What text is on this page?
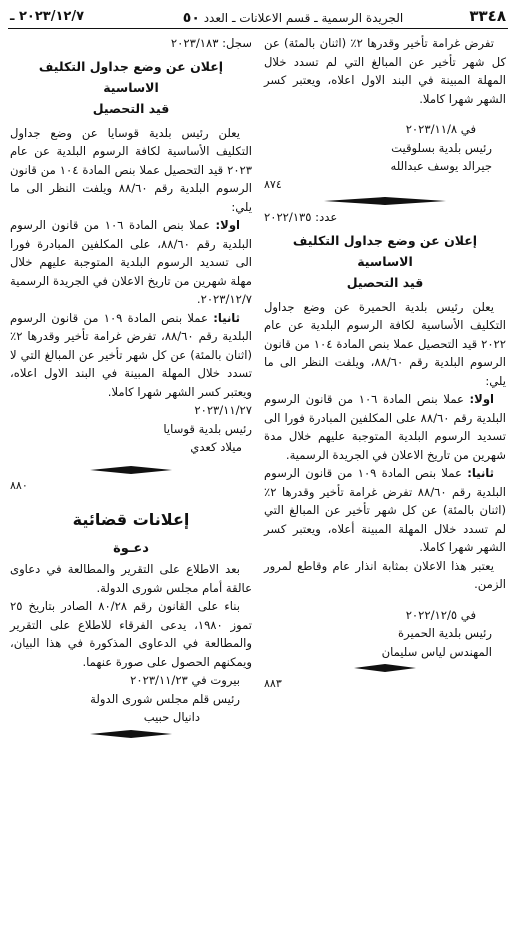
٢٠٢٣/١٢/٧ ـ	الجريدة الرسمية ـ قسم الاعلانات ـ العدد ٥٠	٣٣٤٨

تفرض غرامة تأخير وقدرها ٢٪ (اثنان بالمئة) عن كل شهر تأخير عن المبالغ التي لم تسدد خلال المهلة المبينة في البند الاول اعلاه، ويعتبر كسر الشهر شهرا كاملا.

في ٢٠٢٣/١١/٨

رئيس بلدية بسلوقيت

جيرالد يوسف عبدالله

٨٧٤

عدد: ٢٠٢٢/١٣٥

إعلان عن وضع جداول التكليف الاساسية
قيد التحصيل

يعلن رئيس بلدية الحميرة عن وضع جداول التكليف الأساسية لكافة الرسوم البلدية عن عام ٢٠٢٢ قيد التحصيل عملا بنص المادة ١٠٤ من قانون الرسوم البلدية رقم ٨٨/٦٠، ويلفت النظر الى ما يلي:

اولا: عملا بنص المادة ١٠٦ من قانون الرسوم البلدية رقم ٨٨/٦٠ على المكلفين المبادرة فورا الى تسديد الرسوم البلدية المتوجبة عليهم خلال مدة شهرين من تاريخ الاعلان في الجريدة الرسمية.

ثانيا: عملا بنص المادة ١٠٩ من قانون الرسوم البلدية رقم ٨٨/٦٠ تفرض غرامة تأخير وقدرها ٢٪ (اثنان بالمئة) عن كل شهر تأخير عن المبالغ التي لم تسدد خلال المهلة المبينة أعلاه، ويعتبر كسر الشهر شهرا كاملا.

يعتبر هذا الاعلان بمثابة انذار عام وقاطع لمرور الزمن.

في ٢٠٢٢/١٢/٥

رئيس بلدية الحميرة

المهندس لياس سليمان

٨٨٣

سجل: ٢٠٢٣/١٨٣

إعلان عن وضع جداول التكليف الاساسية
قيد التحصيل

يعلن رئيس بلدية قوسايا عن وضع جداول التكليف الأساسية لكافة الرسوم البلدية عن عام ٢٠٢٣ قيد التحصيل عملا بنص المادة ١٠٤ من قانون الرسوم البلدية رقم ٨٨/٦٠ ويلفت النظر الى ما يلي:

اولا: عملا بنص المادة ١٠٦ من قانون الرسوم البلدية رقم ٨٨/٦٠، على المكلفين المبادرة فورا الى تسديد الرسوم البلدية المتوجبة عليهم خلال مهلة شهرين من تاريخ الاعلان في الجريدة الرسمية ٢٠٢٣/١٢/٧.

ثانيا: عملا بنص المادة ١٠٩ من قانون الرسوم البلدية رقم ٨٨/٦٠، تفرض غرامة تأخير وقدرها ٢٪ (اثنان بالمئة) عن كل شهر تأخير عن المبالغ التي لا تسدد خلال المهلة المبينة في البند الاول اعلاه، ويعتبر كسر الشهر شهرا كاملا.

٢٠٢٣/١١/٢٧

رئيس بلدية قوسايا

ميلاد كعدي

٨٨٠

إعلانات قضائية
دعـوة

بعد الاطلاع على التقرير والمطالعة في دعاوى عالقة أمام مجلس شورى الدولة.

بناء على القانون رقم ٨٠/٢٨ الصادر بتاريخ ٢٥ تموز ١٩٨٠، يدعى الفرقاء للاطلاع على التقرير والمطالعة في الدعاوى المذكورة في هذا البيان، ويمكنهم الحصول على صورة عنهما.

بيروت في ٢٠٢٣/١١/٢٣

رئيس قلم مجلس شورى الدولة

دانيال حبيب
